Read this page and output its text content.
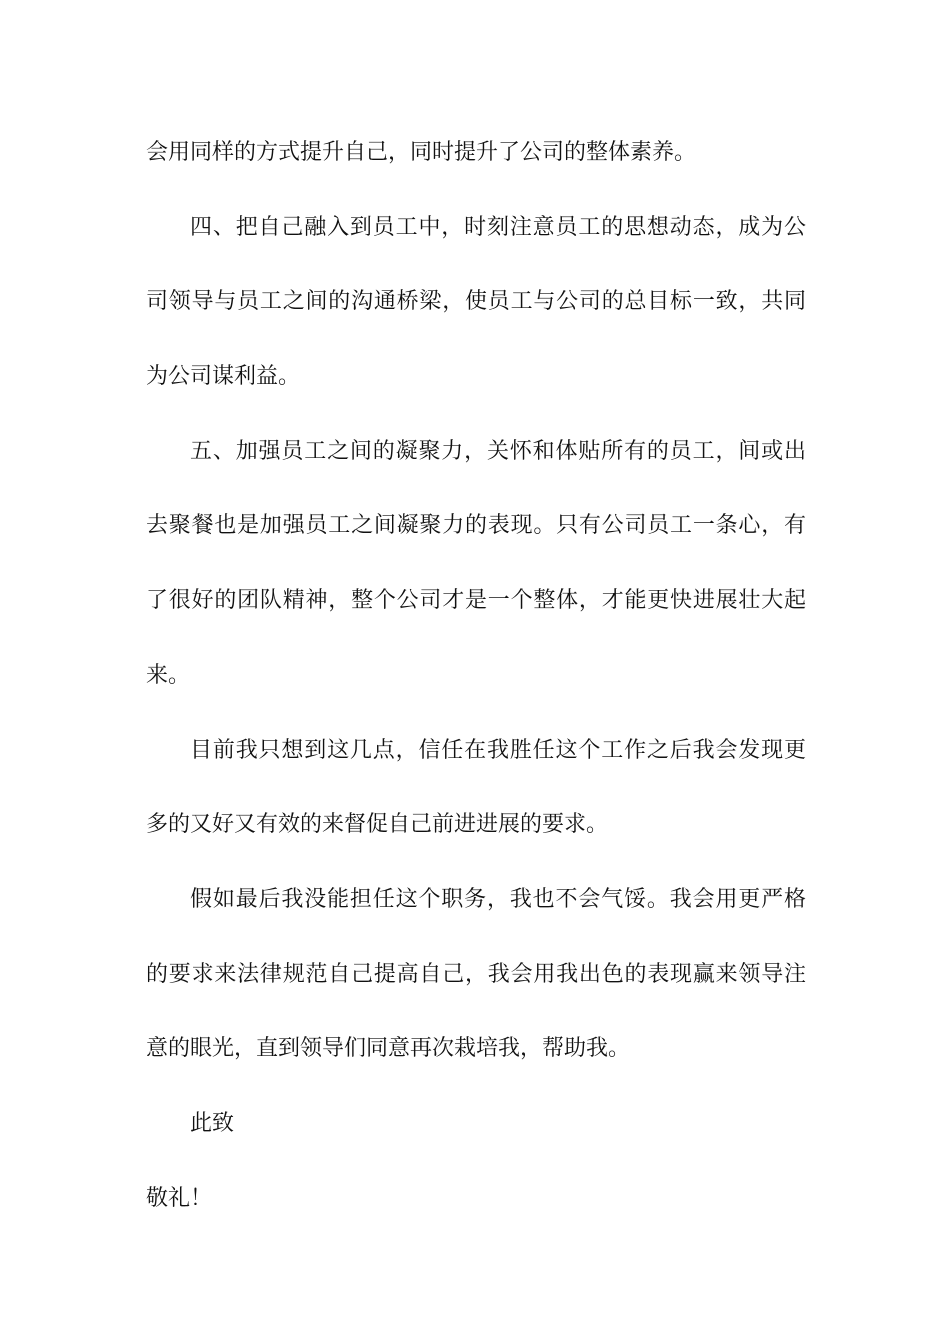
会用同样的方式提升自己，同时提升了公司的整体素养。
四、把自己融入到员工中，时刻注意员工的思想动态，成为公
司领导与员工之间的沟通桥梁，使员工与公司的总目标一致，共同
为公司谋利益。
五、加强员工之间的凝聚力，关怀和体贴所有的员工，间或出
去聚餐也是加强员工之间凝聚力的表现。只有公司员工一条心，有
了很好的团队精神，整个公司才是一个整体，才能更快进展壮大起
来。
目前我只想到这几点，信任在我胜任这个工作之后我会发现更
多的又好又有效的来督促自己前进进展的要求。
假如最后我没能担任这个职务，我也不会气馁。我会用更严格
的要求来法律规范自己提高自己，我会用我出色的表现赢来领导注
意的眼光，直到领导们同意再次栽培我，帮助我。
此致
敬礼！
